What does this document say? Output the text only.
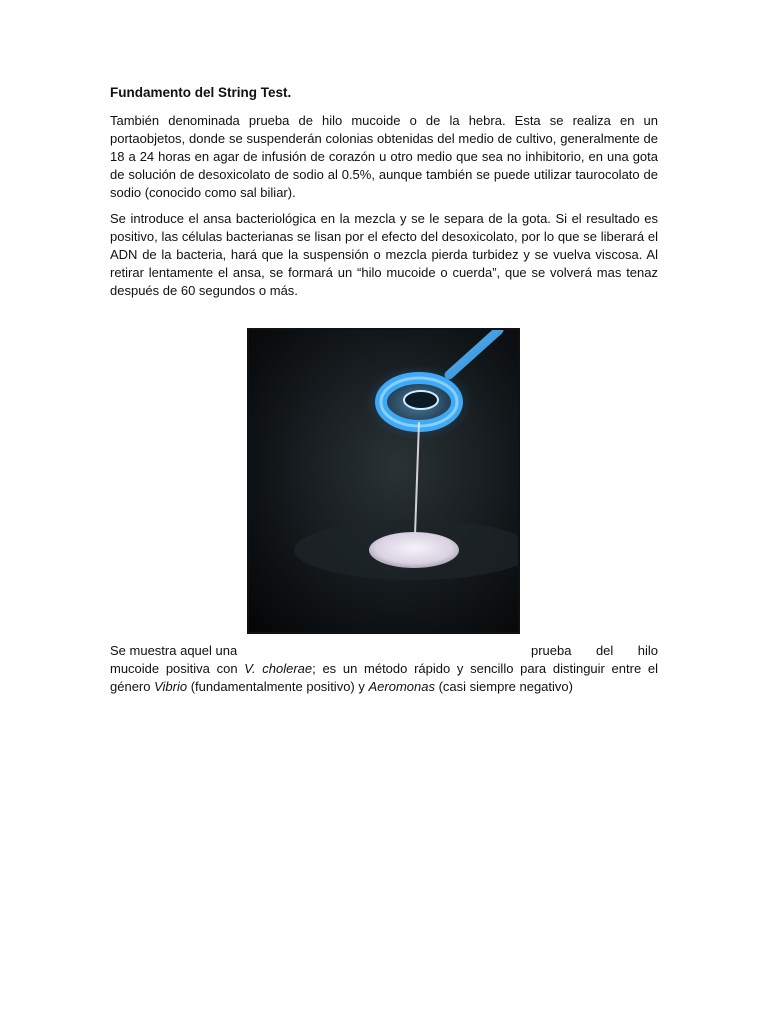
Fundamento del String Test.

También denominada prueba de hilo mucoide o de la hebra. Esta se realiza en un portaobjetos, donde se suspenderán colonias obtenidas del medio de cultivo, generalmente de 18 a 24 horas en agar de infusión de corazón u otro medio que sea no inhibitorio, en una gota de solución de desoxicolato de sodio al 0.5%, aunque también se puede utilizar taurocolato de sodio (conocido como sal biliar).

Se introduce el ansa bacteriológica en la mezcla y se le separa de la gota. Si el resultado es positivo, las células bacterianas se lisan por el efecto del desoxicolato, por lo que se liberará el ADN de la bacteria, hará que la suspensión o mezcla pierda turbidez y se vuelva viscosa. Al retirar lentamente el ansa, se formará un “hilo mucoide o cuerda”, que se volverá mas tenaz después de 60 segundos o más.

Se muestra aquel una	prueba del hilo
mucoide positiva con V. cholerae; es un método rápido y sencillo para distinguir entre el género Vibrio (fundamentalmente positivo) y Aeromonas (casi siempre negativo)
